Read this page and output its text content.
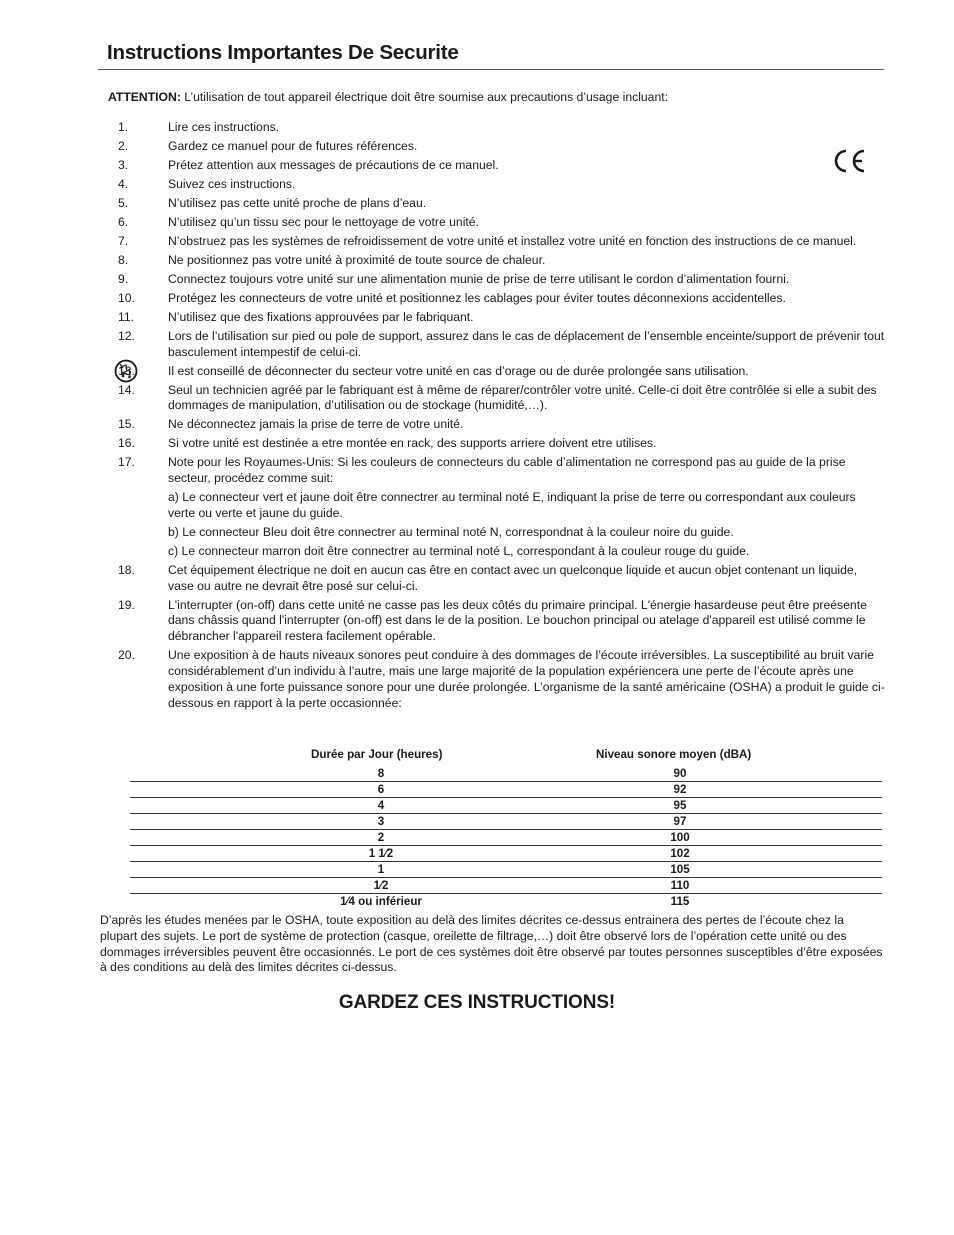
Instructions Importantes De Securite
ATTENTION: L’utilisation de tout appareil électrique doit être soumise aux precautions d’usage incluant:
1.	Lire ces instructions.
2.	Gardez ce manuel pour de futures références.
3.	Prétez attention aux messages de précautions de ce manuel.
4.	Suivez ces instructions.
5.	N’utilisez pas cette unité proche de plans d’eau.
6.	N’utilisez qu’un tissu sec pour le nettoyage de votre unité.
7.	N’obstruez pas les systèmes de refroidissement de votre unité et installez votre unité en fonction des instructions de ce manuel.
8.	Ne positionnez pas votre unité à proximité de toute source de chaleur.
9.	Connectez toujours votre unité sur une alimentation munie de prise de terre utilisant le cordon d’alimentation fourni.
10.	Protégez les connecteurs de votre unité et positionnez les cablages pour éviter toutes déconnexions accidentelles.
11.	N’utilisez que des fixations approuvées par le fabriquant.
12.	Lors de l’utilisation sur pied ou pole de support, assurez dans le cas de déplacement de l’ensemble enceinte/support de prévenir tout basculement intempestif de celui-ci.
13.	Il est conseillé de déconnecter du secteur votre unité en cas d’orage ou de durée prolongée sans utilisation.
14.	Seul un technicien agréé par le fabriquant est à même de réparer/contrôler votre unité. Celle-ci doit être contrôlée si elle a subit des dommages de manipulation, d’utilisation ou de stockage (humidité,…).
15.	Ne déconnectez jamais la prise de terre de votre unité.
16.	Si votre unité est destinée a etre montée en rack, des supports arriere doivent etre utilises.
17.	Note pour les Royaumes-Unis: Si les couleurs de connecteurs du cable d’alimentation ne correspond pas au guide de la prise secteur, procédez comme suit:
a) Le connecteur vert et jaune doit être connectrer au terminal noté E, indiquant la prise de terre ou correspondant aux couleurs verte ou verte et jaune du guide.
b) Le connecteur Bleu doit être connectrer au terminal noté N, correspondnat à la couleur noire du guide.
c) Le connecteur marron doit être connectrer au terminal noté L, correspondant à la couleur rouge du guide.
18.	Cet équipement électrique ne doit en aucun cas être en contact avec un quelconque liquide et aucun objet contenant un liquide, vase ou autre ne devrait être posé sur celui-ci.
19.	L'interrupter (on-off) dans cette unité ne casse pas les deux côtés du primaire principal. L'énergie hasardeuse peut être preésente dans châssis quand l'interrupter (on-off) est dans le de la position. Le bouchon principal ou atelage d'appareil est utilisé comme le débrancher l'appareil restera facilement opérable.
20.	Une exposition à de hauts niveaux sonores peut conduire à des dommages de l’écoute irréversibles. La susceptibilité au bruit varie considérablement d’un individu à l’autre, mais une large majorité de la population expériencera une perte de l’écoute après une exposition à une forte puissance sonore pour une durée prolongée. L’organisme de la santé américaine (OSHA) a produit le guide ci-dessous en rapport à la perte occasionnée:
Durée par Jour (heures)	Niveau sonore moyen (dBA)
8	90
6	92
4	95
3	97
2	100
1 1⁄2	102
1	105
1⁄2	110
1⁄4 ou inférieur	115
D’après les études menées par le OSHA, toute exposition au delà des limites décrites ce-dessus entrainera des pertes de l’écoute chez la plupart des sujets. Le port de système de protection (casque, oreilette de filtrage,…) doit être observé lors de l’opération cette unité ou des dommages irréversibles peuvent être occasionnés. Le port de ces systèmes doit être observé par toutes personnes susceptibles d’être exposées à des conditions au delà des limites décrites ci-dessus.
GARDEZ CES INSTRUCTIONS!
